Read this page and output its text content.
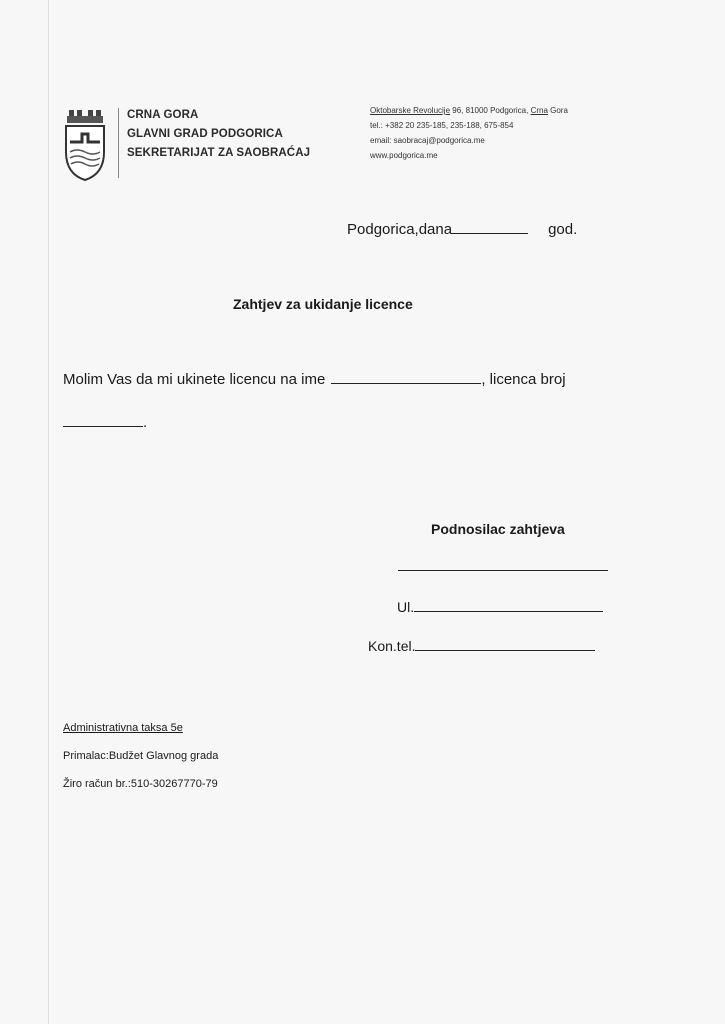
CRNA GORA
GLAVNI GRAD PODGORICA
SEKRETARIJAT ZA SAOBRAĆAJ
Oktobarske Revolucije 96, 81000 Podgorica, Crna Gora
tel.: +382 20 235-185, 235-188, 675-854
email: saobracaj@podgorica.me
www.podgorica.me
Podgorica,dana	god.
Zahtjev za ukidanje licence
Molim Vas da mi ukinete licencu na ime	, licenca broj
.
Podnosilac zahtjeva
Ul.
Kon.tel.
Administrativna taksa 5e
Primalac:Budžet Glavnog grada
Žiro račun br.:510-30267770-79
